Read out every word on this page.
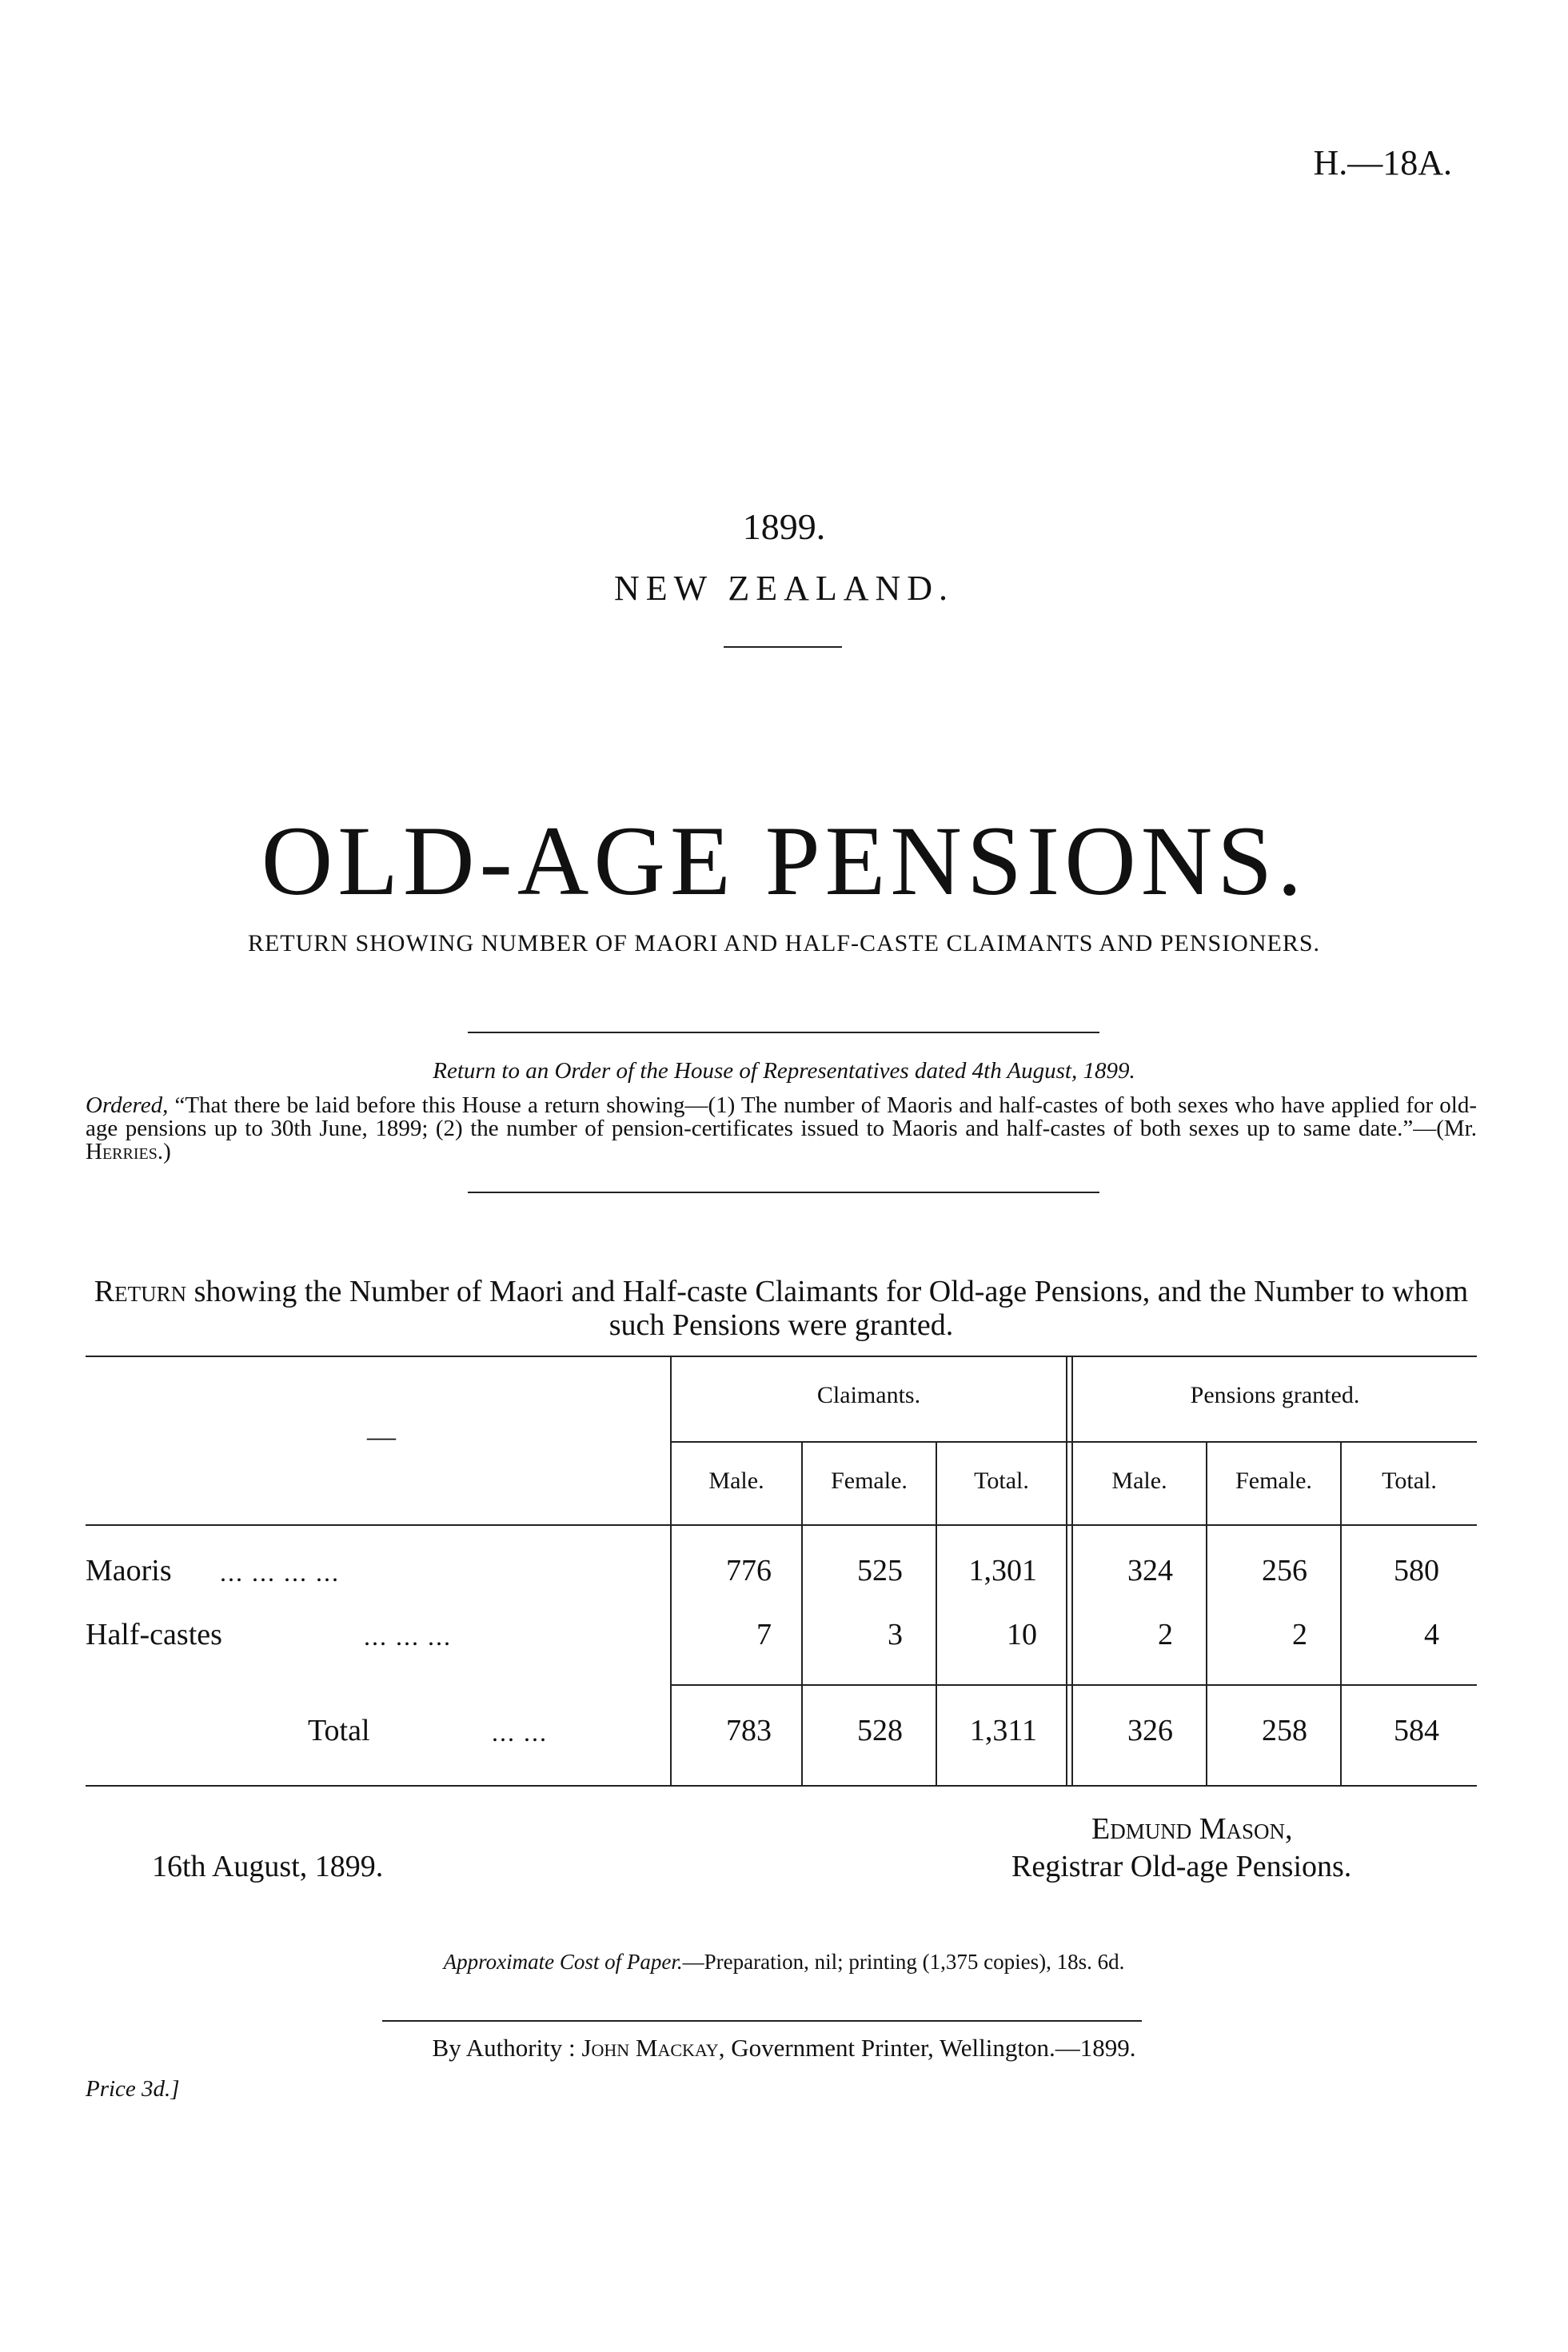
H.—18A.
1899.
NEW ZEALAND.
OLD-AGE PENSIONS.
RETURN SHOWING NUMBER OF MAORI AND HALF-CASTE CLAIMANTS AND PENSIONERS.
Return to an Order of the House of Representatives dated 4th August, 1899.
Ordered, “That there be laid before this House a return showing—(1) The number of Maoris and half-castes of both sexes who have applied for old-age pensions up to 30th June, 1899; (2) the number of pension-certificates issued to Maoris and half-castes of both sexes up to same date.”—(Mr. Herries.)
Return showing the Number of Maori and Half-caste Claimants for Old-age Pensions, and the Number to whom such Pensions were granted.
—
Claimants.	Pensions granted.
Male.	Female.	Total.	Male.	Female.	Total.
Maoris ... ... ... ...	776	525	1,301	324	256	580
Half-castes	... ... ...	7	3	10	2	2	4
Total	... ...	783	528	1,311	326	258	584
16th August, 1899.
Edmund Mason,
Registrar Old-age Pensions.
Approximate Cost of Paper.—Preparation, nil; printing (1,375 copies), 18s. 6d.
By Authority : John Mackay, Government Printer, Wellington.—1899.
Price 3d.]
